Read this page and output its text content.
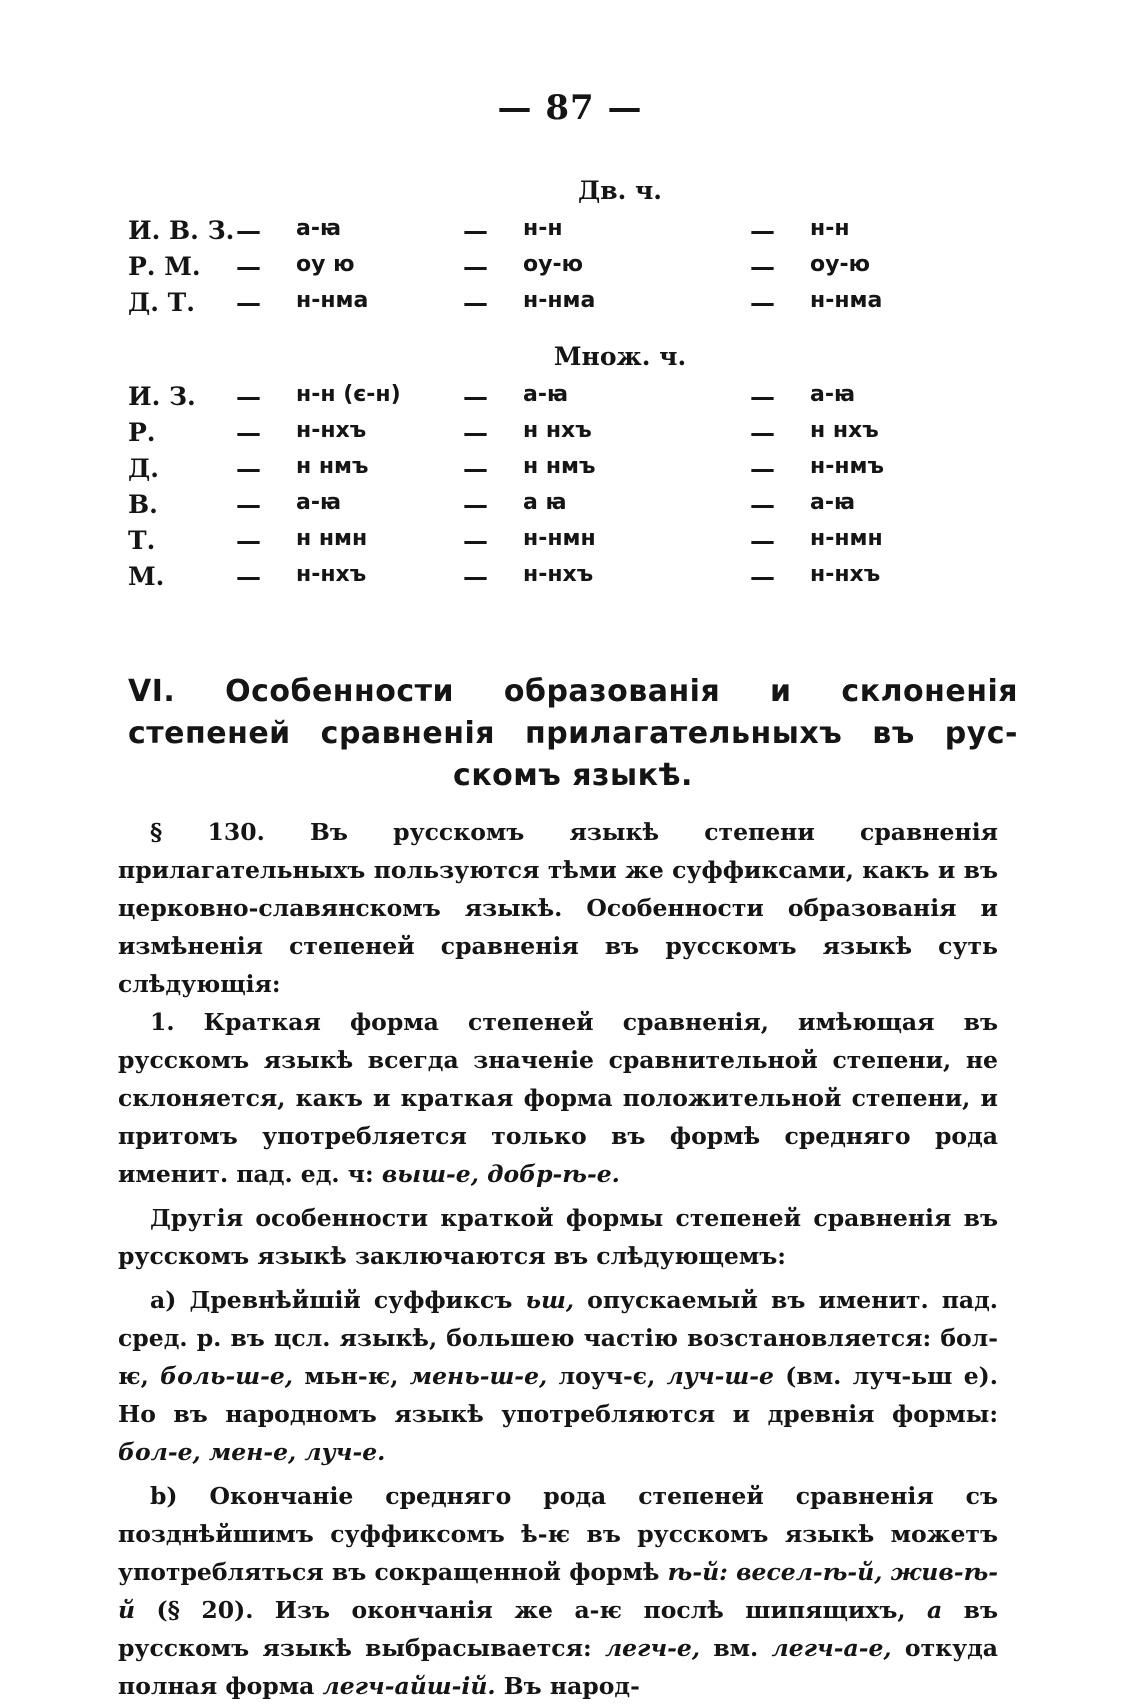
— 87 —
Дв. ч.
И. В. З. — а-ꙗ	— н-н	— н-н
Р. М. — оу ю	— оу-ю	— оу-ю
Д. Т. — н-нма	— н-нма	— н-нма
Множ. ч.
И. З. — н-н (є-н) — а-ꙗ	— а-ꙗ
Р.	— н-нхъ	— н нхъ	— н нхъ
Д.	— н нмъ	— н нмъ	— н-нмъ
В.	— а-ꙗ	— а ꙗ	— а-ꙗ
Т.	— н нмн	— н-нмн	— н-нмн
М.	— н-нхъ	— н-нхъ	— н-нхъ
VI. Особенности образованія и склоненія
степеней сравненія прилагательныхъ въ рус-
скомъ языкѣ.

§ 130. Въ русскомъ языкѣ степени сравненія прилагательныхъ пользуются тѣми же суффиксами, какъ и въ церковно-славянскомъ языкѣ. Особенности образованія и измѣненія степеней сравненія въ русскомъ языкѣ суть слѣдующія:

1. Краткая форма степеней сравненія, имѣющая въ русскомъ языкѣ всегда значеніе сравнительной степени, не склоняется, какъ и краткая форма положительной степени, и притомъ употребляется только въ формѣ средняго рода именит. пад. ед. ч: выш-е, добр-ѣ-е.

Другія особенности краткой формы степеней сравненія въ русскомъ языкѣ заключаются въ слѣдующемъ:

a) Древнѣйшій суффиксъ ьш, опускаемый въ именит. пад. сред. р. въ цсл. языкѣ, большею частію возстановляется: бол-ѥ, боль-ш-е, мьн-ѥ, мень-ш-е, лоуч-є, луч-ш-е (вм. луч-ьш е). Но въ народномъ языкѣ употребляются и древнія формы: бол-е, мен-е, луч-е.

b) Окончаніе средняго рода степеней сравненія съ позднѣйшимъ суффиксомъ ѣ-ѥ въ русскомъ языкѣ можетъ употребляться въ сокращенной формѣ ѣ-й: весел-ѣ-й, жив-ѣ-й (§ 20). Изъ окончанія же а-ѥ послѣ шипящихъ, а въ русскомъ языкѣ выбрасывается: легч-е, вм. легч-а-е, откуда полная форма легч-айш-ій. Въ народ-
